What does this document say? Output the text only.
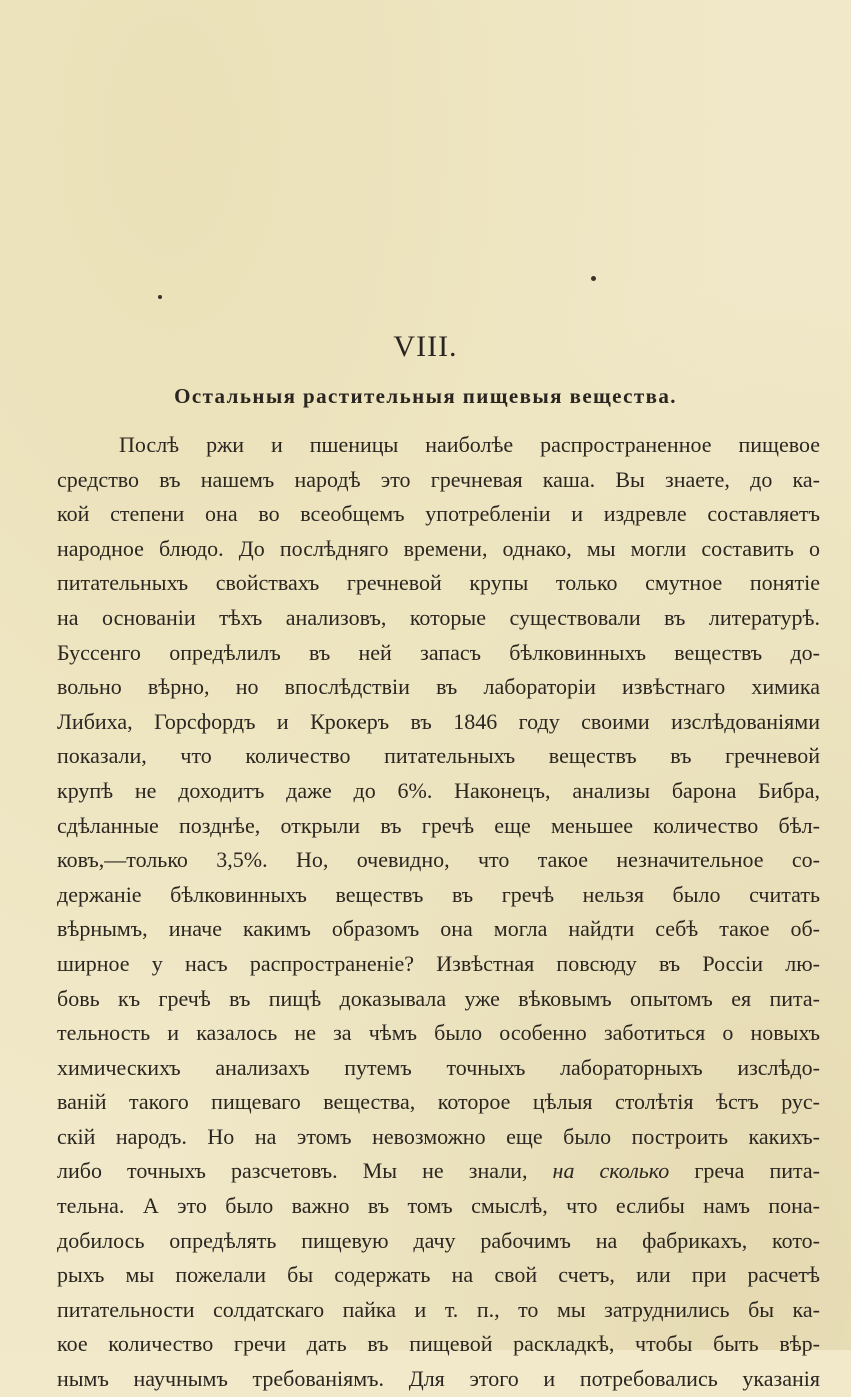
VIII.
Остальныя растительныя пищевыя вещества.
Послѣ ржи и пшеницы наиболѣе распространенное пищевое
средство въ нашемъ народѣ это гречневая каша. Вы знаете, до ка-
кой степени она во всеобщемъ употребленiи и издревле составляетъ
народное блюдо. До послѣдняго времени, однако, мы могли составить о
питательныхъ свойствахъ гречневой крупы только смутное понятiе
на основанiи тѣхъ анализовъ, которые существовали въ литературѣ.
Буссенго опредѣлилъ въ ней запасъ бѣлковинныхъ веществъ до-
вольно вѣрно, но впослѣдствiи въ лабораторiи извѣстнаго химика
Либиха, Горсфордъ и Крокеръ въ 1846 году своими изслѣдованiями
показали, что количество питательныхъ веществъ въ гречневой
крупѣ не доходитъ даже до 6%. Наконецъ, анализы барона Бибра,
сдѣланные позднѣе, открыли въ гречѣ еще меньшее количество бѣл-
ковъ,—только 3,5%. Но, очевидно, что такое незначительное со-
держанiе бѣлковинныхъ веществъ въ гречѣ нельзя было считать
вѣрнымъ, иначе какимъ образомъ она могла найдти себѣ такое об-
ширное у насъ распространенiе? Извѣстная повсюду въ Россiи лю-
бовь къ гречѣ въ пищѣ доказывала уже вѣковымъ опытомъ ея пита-
тельность и казалось не за чѣмъ было особенно заботиться о новыхъ
химическихъ анализахъ путемъ точныхъ лабораторныхъ изслѣдо-
ванiй такого пищеваго вещества, которое цѣлыя столѣтiя ѣстъ рус-
скiй народъ. Но на этомъ невозможно еще было построить какихъ-
либо точныхъ разсчетовъ. Мы не знали, на сколько греча пита-
тельна. А это было важно въ томъ смыслѣ, что еслибы намъ пона-
добилось опредѣлять пищевую дачу рабочимъ на фабрикахъ, кото-
рыхъ мы пожелали бы содержать на свой счетъ, или при расчетѣ
питательности солдатскаго пайка и т. п., то мы затруднились бы ка-
кое количество гречи дать въ пищевой раскладкѣ, чтобы быть вѣр-
нымъ научнымъ требованiямъ. Для этого и потребовались указанiя
